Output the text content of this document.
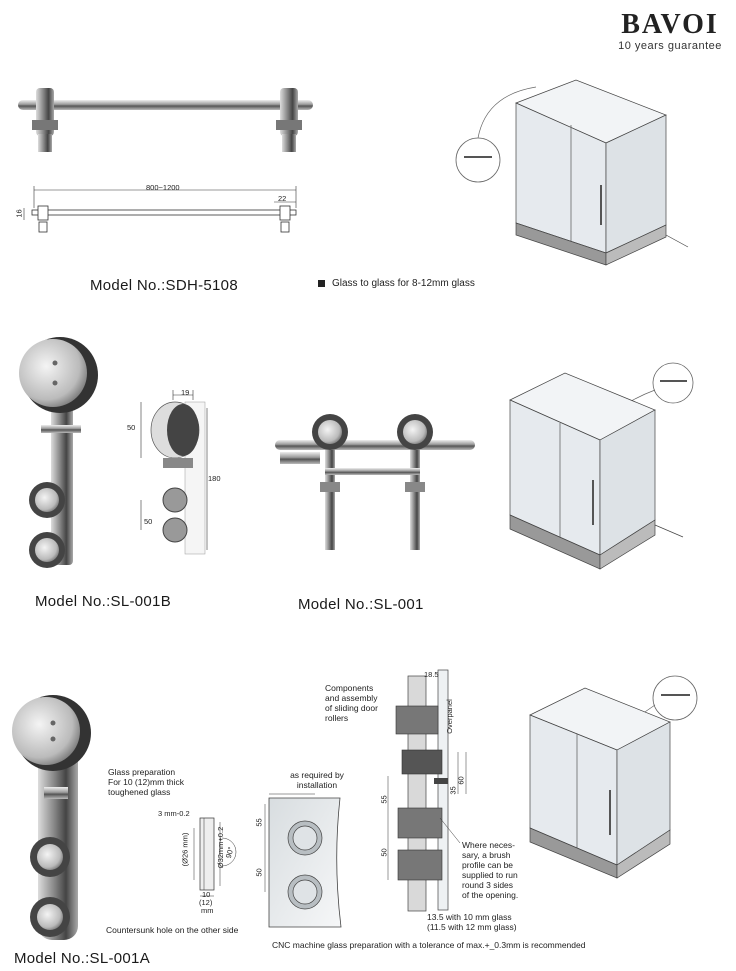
BAVOI
10 years guarantee
800~1200
16
22
Model No.:SDH-5108	Glass to glass for 8-12mm glass
19
50
50
180
Model No.:SL-001B	Model No.:SL-001
Glass preparation
For 10 (12)mm thick
toughened glass
3 mm-0.2
(Ø26 mm)	Ø32mm+0.2
90°
10
(12)
mm
Countersunk hole on the other side
as required by
installation
55
50
Components
and assembly
of sliding door
rollers
18.5
Overpanel
35
60
55
50
Where neces-
sary, a brush
profile can be
supplied to run
round 3 sides
of the opening.
13.5 with 10 mm glass
(11.5 with 12 mm glass)
Model No.:SL-001A
CNC machine glass preparation with a tolerance of max.+_0.3mm is recommended
